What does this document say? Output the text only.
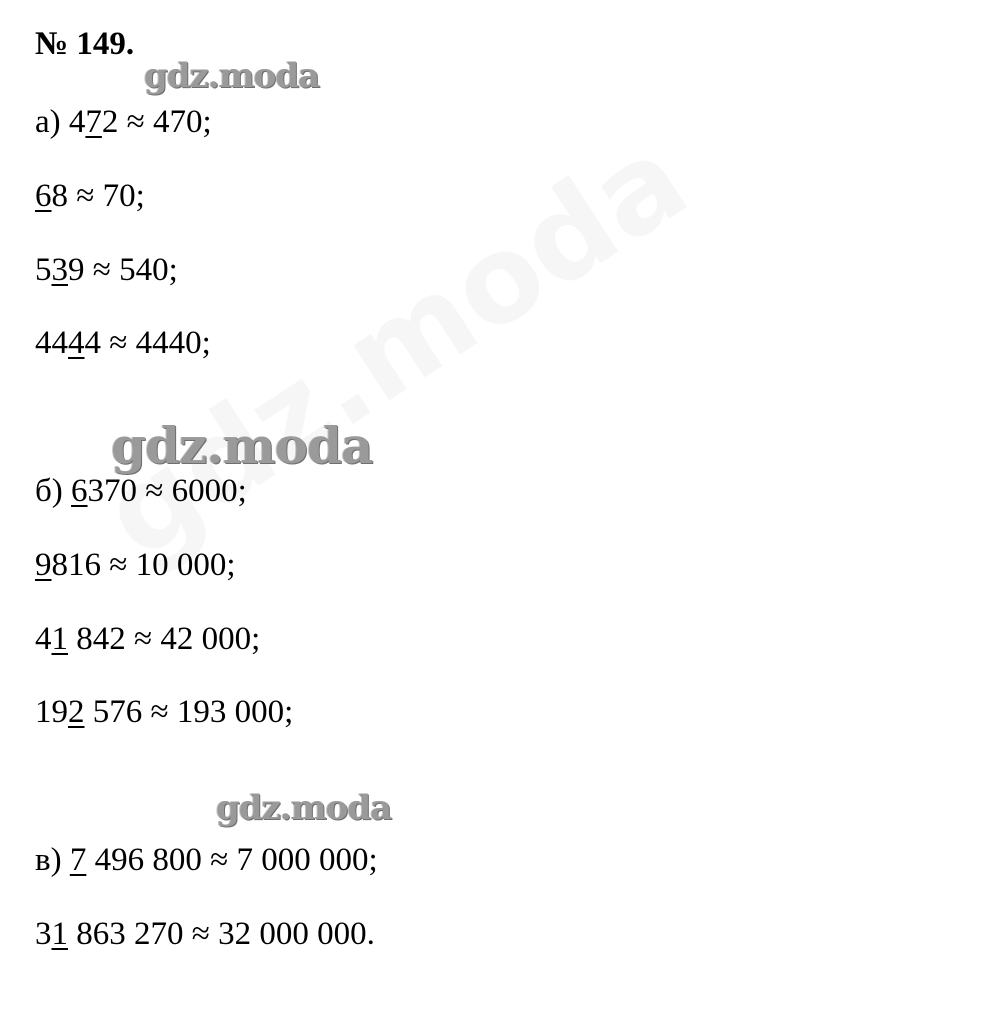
№ 149.
gdz.moda
gdz.moda
gdz.moda
а) 472 ≈ 470;
68 ≈ 70;
539 ≈ 540;
4444 ≈ 4440;
б) 6370 ≈ 6000;
9816 ≈ 10 000;
41 842 ≈ 42 000;
192 576 ≈ 193 000;
в) 7 496 800 ≈ 7 000 000;
31 863 270 ≈ 32 000 000.
